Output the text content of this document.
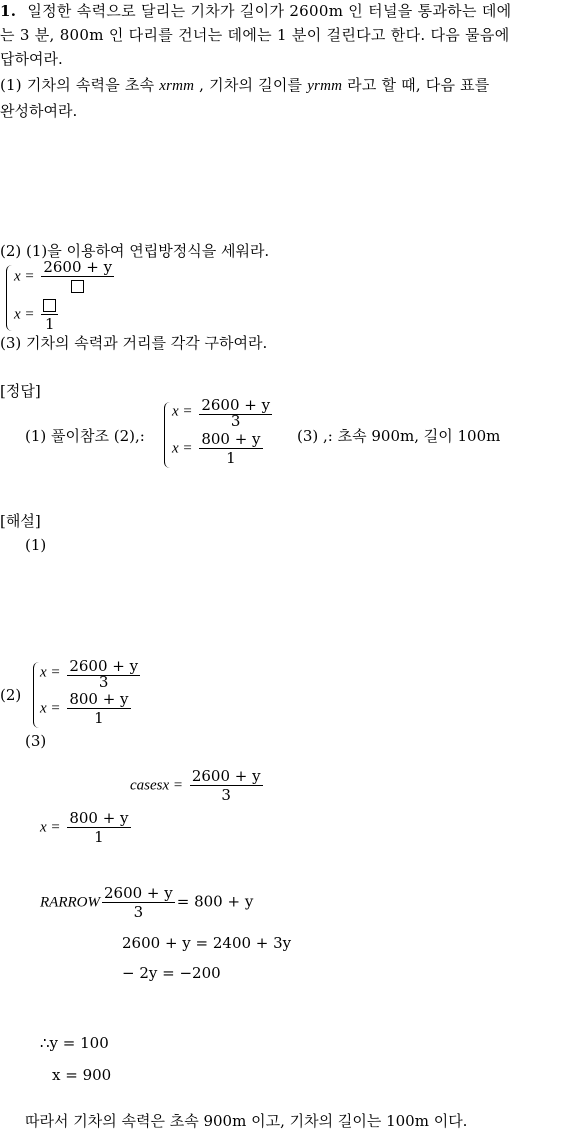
1. 일정한 속력으로 달리는 기차가 길이가 2600m 인 터널을 통과하는 데에
는 3 분, 800m 인 다리를 건너는 데에는 1 분이 걸린다고 한다. 다음 물음에
답하여라.
(1) 기차의 속력을 초속 xrmm , 기차의 길이를 yrmm 라고 할 때, 다음 표를
완성하여라.
(2) (1)을 이용하여 연립방정식을 세워라.
x =
2600 + y
x =
1
(3) 기차의 속력과 거리를 각각 구하여라.
[정답]
(1) 풀이참조 (2),:
$x = \frac{2600 + y}{3}$
$x = \frac{800 + y}{1} (3)$ ,: 초속 900m, 길이 100m
[해설]
(1)
(2)
$x = \frac{2600 + y}{3}$
$x = \frac{800 + y}{1}$
(3)
casesx = $\frac{2600 + y}{3}$
$x = \frac{800 + y}{1}$
RARROW $\frac{2600 + y}{3} = 800 + y$
2600 + y = 2400 + 3y
− 2y = −200
∴y = 100
x = 900
따라서 기차의 속력은 초속 900m 이고, 기차의 길이는 100m 이다.
